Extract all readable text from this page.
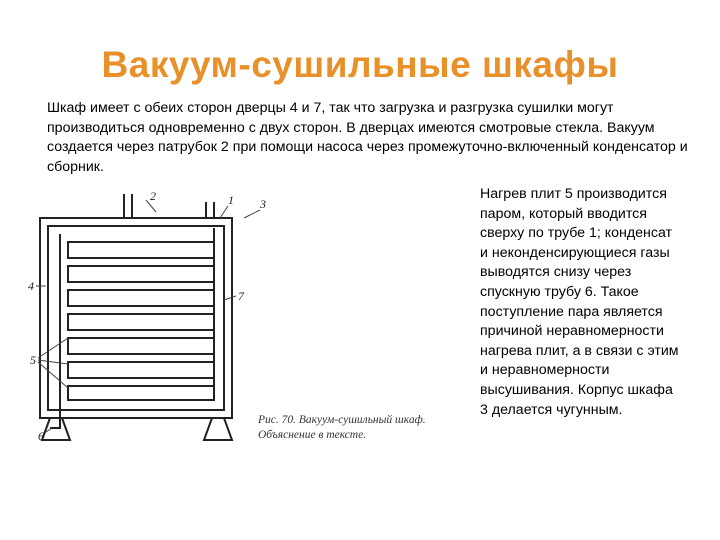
Вакуум-сушильные шкафы
Шкаф имеет с обеих сторон дверцы 4 и 7, так что загрузка и разгрузка сушилки могут производиться одновременно с двух сторон. В дверцах имеются смотровые стекла. Вакуум создается через патрубок 2 при помощи насоса через промежуточно-включенный конденсатор и сборник.
2	1 3
4
7
5
6
Рис. 70. Вакуум-сушильный шкаф. Объяснение в тексте.
Нагрев плит 5 производится паром, который вводится сверху по трубе 1; конденсат и неконденсирующиеся газы выводятся снизу через спускную трубу 6. Такое поступление пара является причиной неравномерности нагрева плит, а в связи с этим и неравномерности высушивания. Корпус шкафа 3 делается чугунным.
